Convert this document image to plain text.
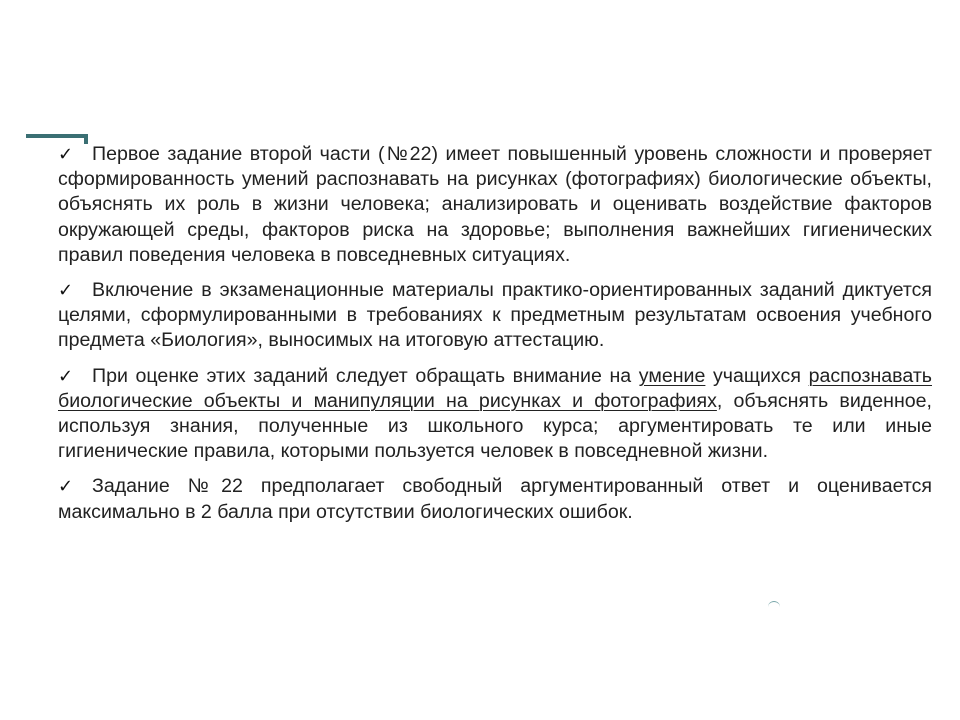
✓ Первое задание второй части (№22) имеет повышенный уровень сложности и проверяет сформированность умений распознавать на рисунках (фотографиях) биологические объекты, объяснять их роль в жизни человека; анализировать и оценивать воздействие факторов окружающей среды, факторов риска на здоровье; выполнения важнейших гигиенических правил поведения человека в повседневных ситуациях.

✓ Включение в экзаменационные материалы практико-ориентированных заданий диктуется целями, сформулированными в требованиях к предметным результатам освоения учебного предмета «Биология», выносимых на итоговую аттестацию.

✓ При оценке этих заданий следует обращать внимание на умение учащихся распознавать биологические объекты и манипуляции на рисунках и фотографиях, объяснять виденное, используя знания, полученные из школьного курса; аргументировать те или иные гигиенические правила, которыми пользуется человек в повседневной жизни.

✓ Задание №22 предполагает свободный аргументированный ответ и оценивается максимально в 2 балла при отсутствии биологических ошибок.
